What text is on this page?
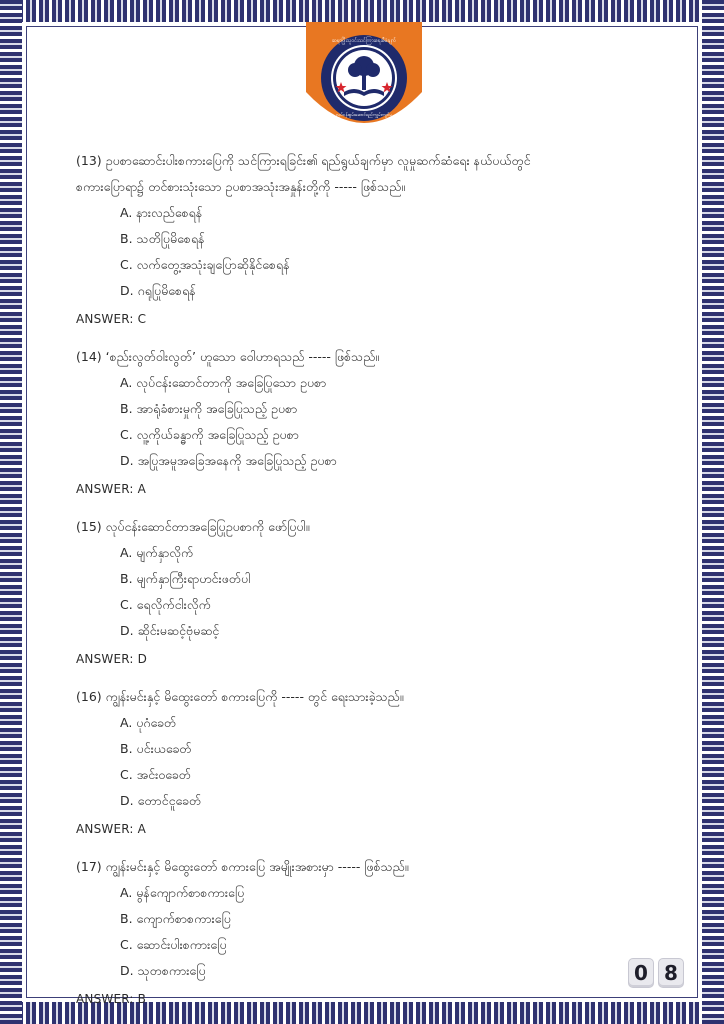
ဆရာဖြိုးသူဝင်းသင်ကြားရေးစီမံချက်
လုပ်ငန်းစွမ်းဆောင်ရည်ကျွမ်းကျင်မှု

(13) ဥပစာဆောင်းပါးစကားပြေကို သင်ကြားရခြင်း၏ ရည်ရွယ်ချက်မှာ လူမှုဆက်ဆံရေး နယ်ပယ်တွင်

စကားပြောရာ၌ တင်စားသုံးသော ဥပစာအသုံးအနှုန်းတို့ကို ----- ဖြစ်သည်။

A. နားလည်စေရန်

B. သတိပြုမိစေရန်

C. လက်တွေ့အသုံးချပြောဆိုနိုင်စေရန်

D. ဂရုပြုမိစေရန်

ANSWER: C

(14) ‘စည်းလွတ်ဝါးလွတ်’ ဟူသော ဝေါဟာရသည် ----- ဖြစ်သည်။

A. လုပ်ငန်းဆောင်တာကို အခြေပြုသော ဥပစာ

B. အာရုံခံစားမှုကို အခြေပြုသည့် ဥပစာ

C. လူ့ကိုယ်ခန္ဓာကို အခြေပြုသည့် ဥပစာ

D. အပြုအမူအခြေအနေကို အခြေပြုသည့် ဥပစာ

ANSWER: A

(15) လုပ်ငန်းဆောင်တာအခြေပြုဥပစာကို ဖော်ပြပါ။

A. မျက်နှာလိုက်

B. မျက်နှာကြီးရာဟင်းဖတ်ပါ

C. ရေလိုက်ငါးလိုက်

D. ဆိုင်းမဆင့်ဗုံမဆင့်

ANSWER: D

(16) ကျွန်းမင်းနှင့် မိထွေးတော် စကားပြေကို ----- တွင် ရေးသားခဲ့သည်။

A. ပုဂံခေတ်

B. ပင်းယခေတ်

C. အင်းဝခေတ်

D. တောင်ငူခေတ်

ANSWER: A

(17) ကျွန်းမင်းနှင့် မိထွေးတော် စကားပြေ အမျိုးအစားမှာ ----- ဖြစ်သည်။

A. မွန်ကျောက်စာစကားပြေ

B. ကျောက်စာစကားပြေ

C. ဆောင်းပါးစကားပြေ

D. သုတစကားပြေ

ANSWER: B

0 8
